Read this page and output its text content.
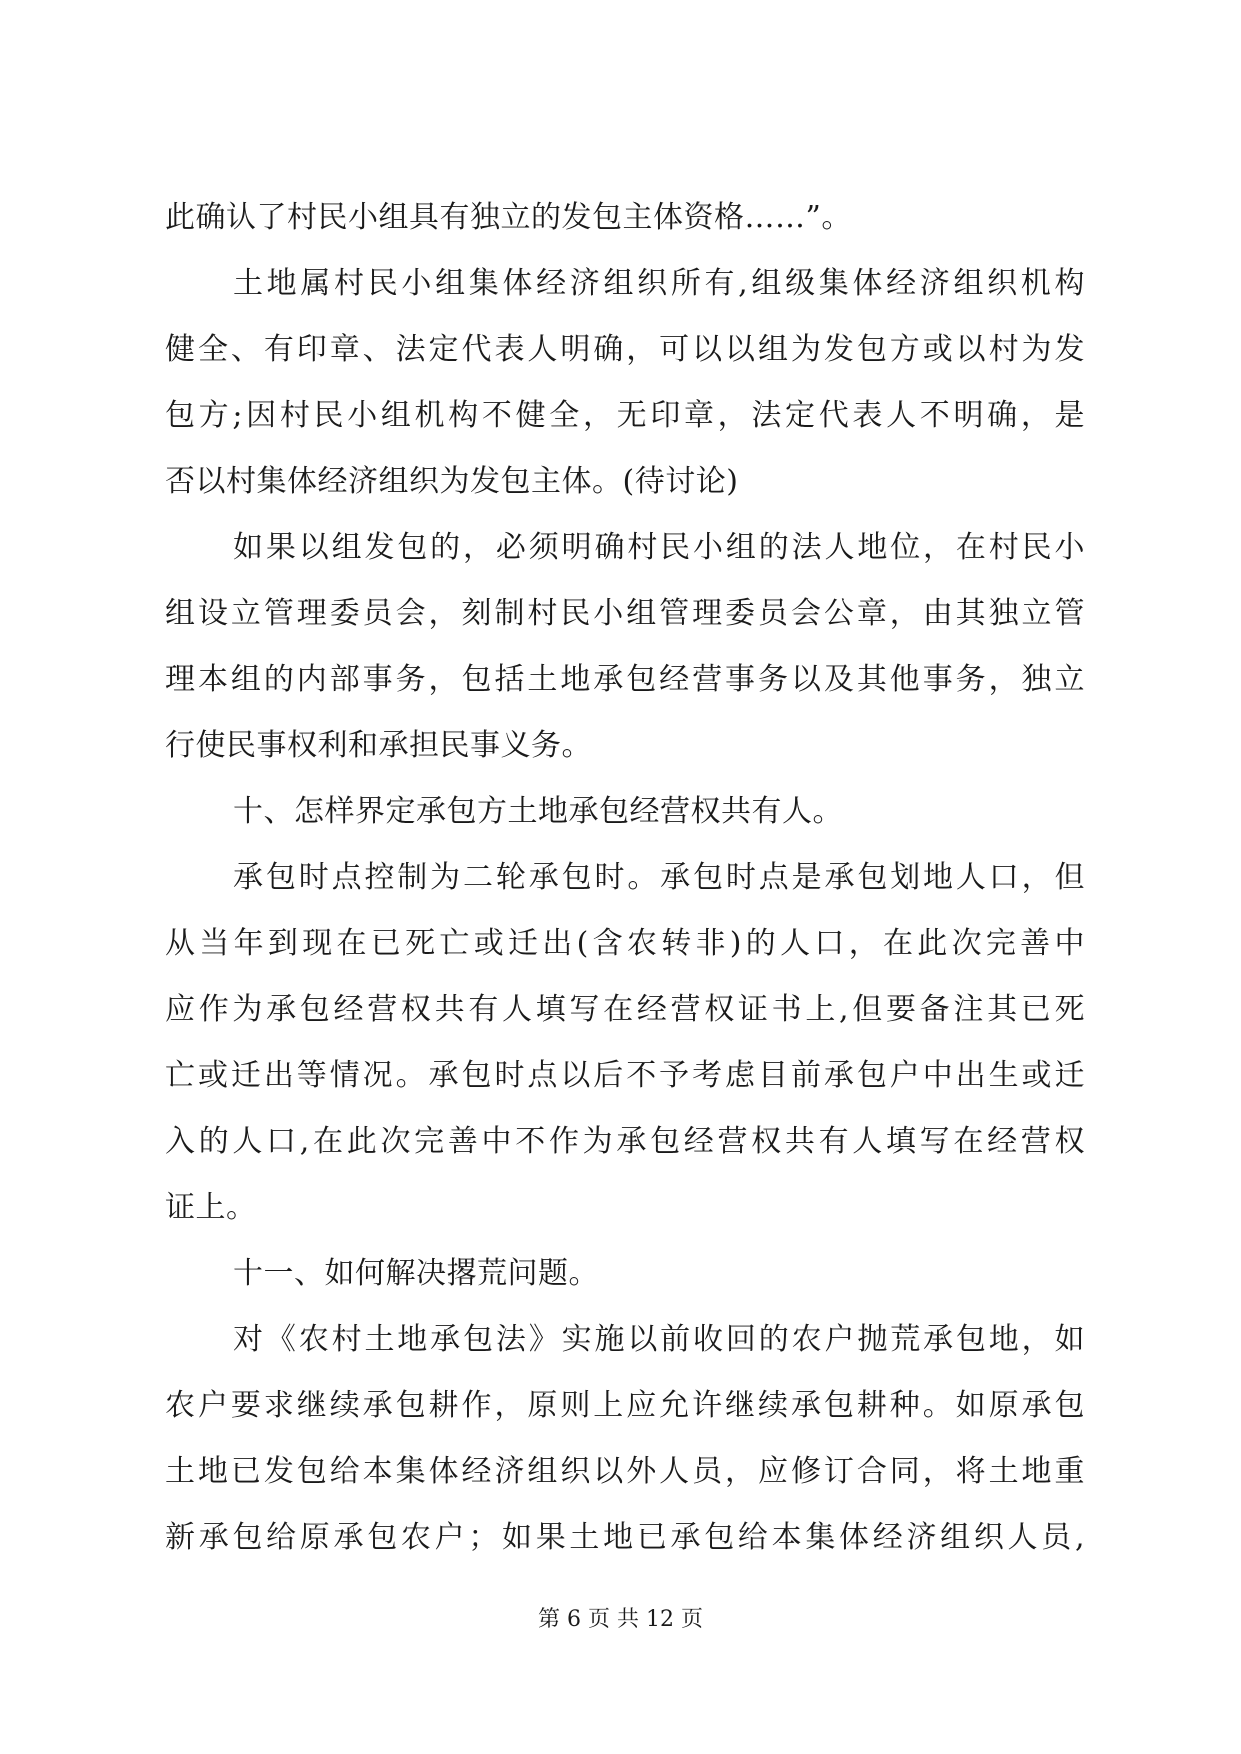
此确认了村民小组具有独立的发包主体资格……”。
土地属村民小组集体经济组织所有,组级集体经济组织机构
健全、有印章、法定代表人明确，可以以组为发包方或以村为发
包方;因村民小组机构不健全，无印章，法定代表人不明确，是
否以村集体经济组织为发包主体。(待讨论)
如果以组发包的，必须明确村民小组的法人地位，在村民小
组设立管理委员会，刻制村民小组管理委员会公章，由其独立管
理本组的内部事务，包括土地承包经营事务以及其他事务，独立
行使民事权利和承担民事义务。
十、怎样界定承包方土地承包经营权共有人。
承包时点控制为二轮承包时。承包时点是承包划地人口，但
从当年到现在已死亡或迁出(含农转非)的人口，在此次完善中
应作为承包经营权共有人填写在经营权证书上,但要备注其已死
亡或迁出等情况。承包时点以后不予考虑目前承包户中出生或迁
入的人口,在此次完善中不作为承包经营权共有人填写在经营权
证上。
十一、如何解决撂荒问题。
对《农村土地承包法》实施以前收回的农户抛荒承包地，如
农户要求继续承包耕作，原则上应允许继续承包耕种。如原承包
土地已发包给本集体经济组织以外人员，应修订合同，将土地重
新承包给原承包农户；如果土地已承包给本集体经济组织人员,
第 6 页 共 12 页
